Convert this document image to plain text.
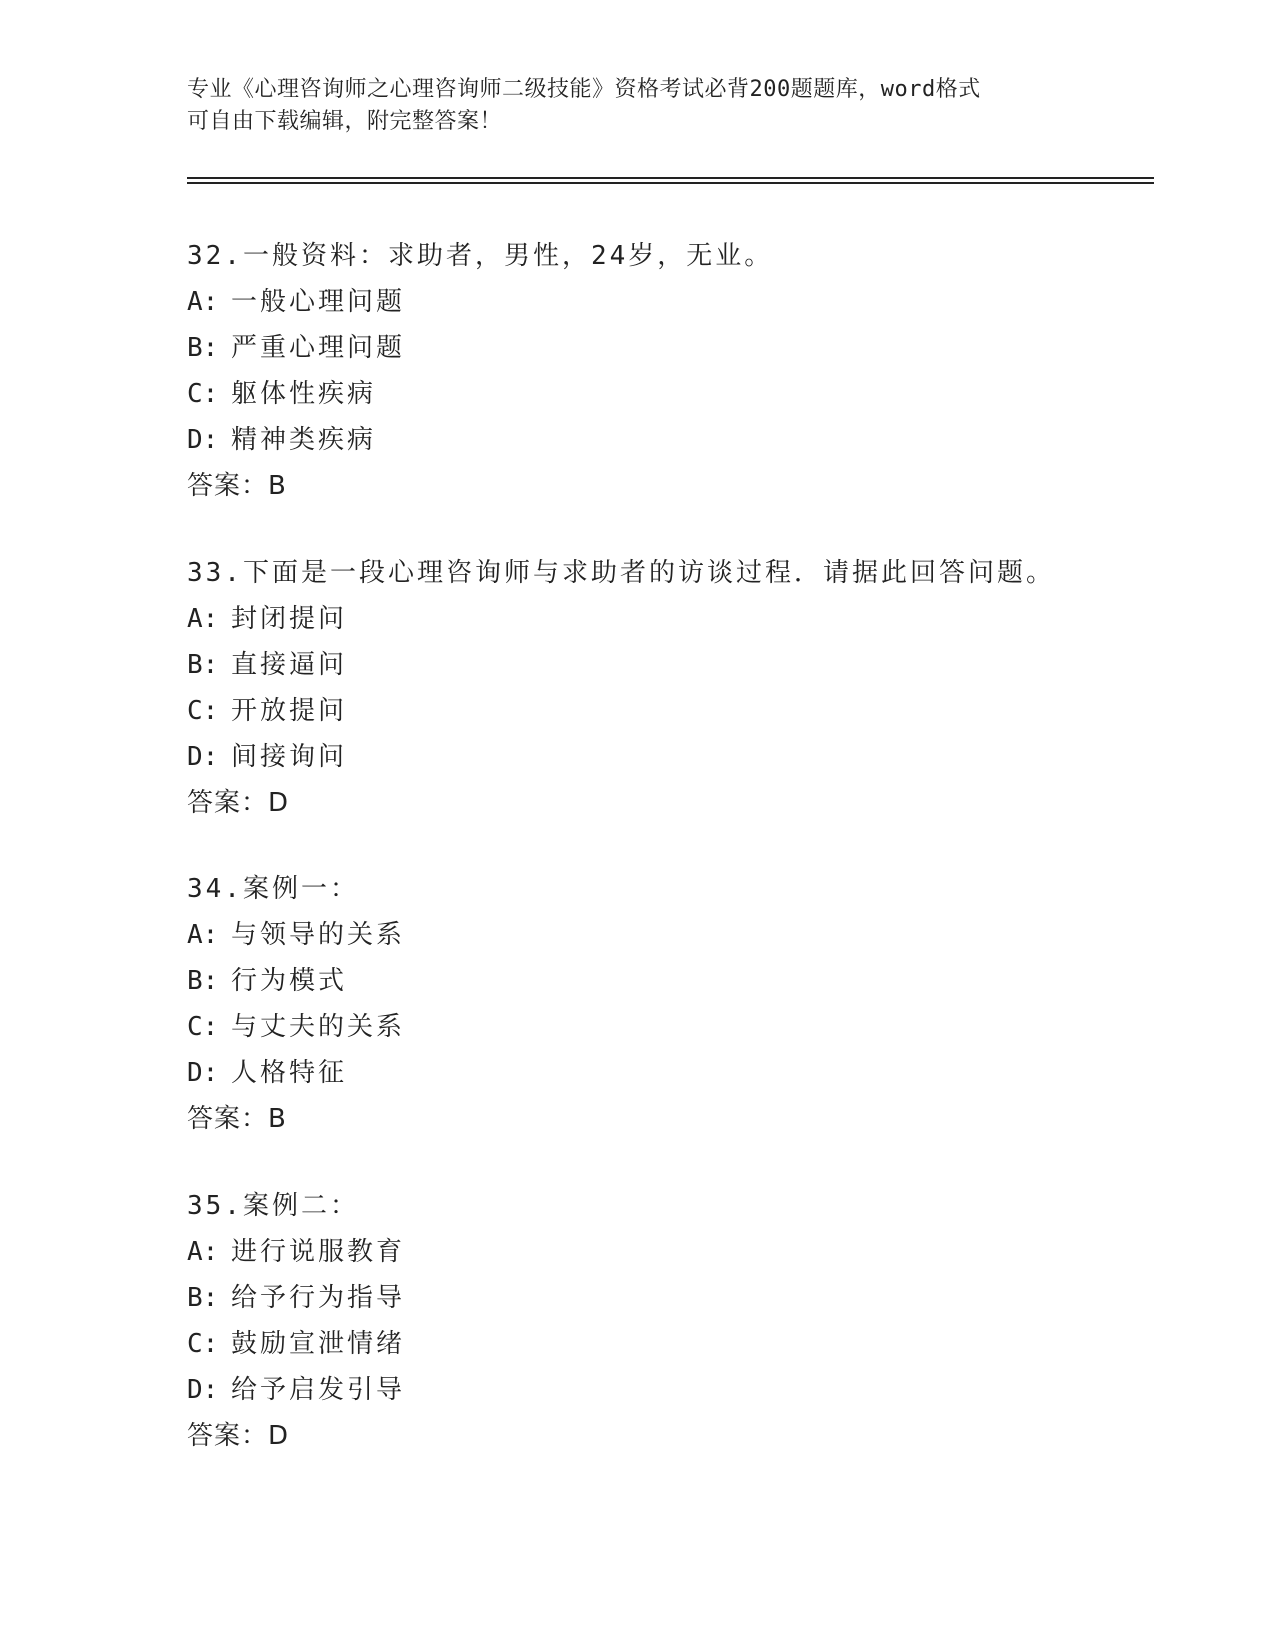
专业《心理咨询师之心理咨询师二级技能》资格考试必背200题题库，word格式
可自由下载编辑，附完整答案！
32.一般资料：求助者，男性，24岁，无业。
A: 一般心理问题
B: 严重心理问题
C: 躯体性疾病
D: 精神类疾病
答案：B
33.下面是一段心理咨询师与求助者的访谈过程．请据此回答问题。
A: 封闭提问
B: 直接逼问
C: 开放提问
D: 间接询问
答案：D
34.案例一：
A: 与领导的关系
B: 行为模式
C: 与丈夫的关系
D: 人格特征
答案：B
35.案例二：
A: 进行说服教育
B: 给予行为指导
C: 鼓励宣泄情绪
D: 给予启发引导
答案：D
